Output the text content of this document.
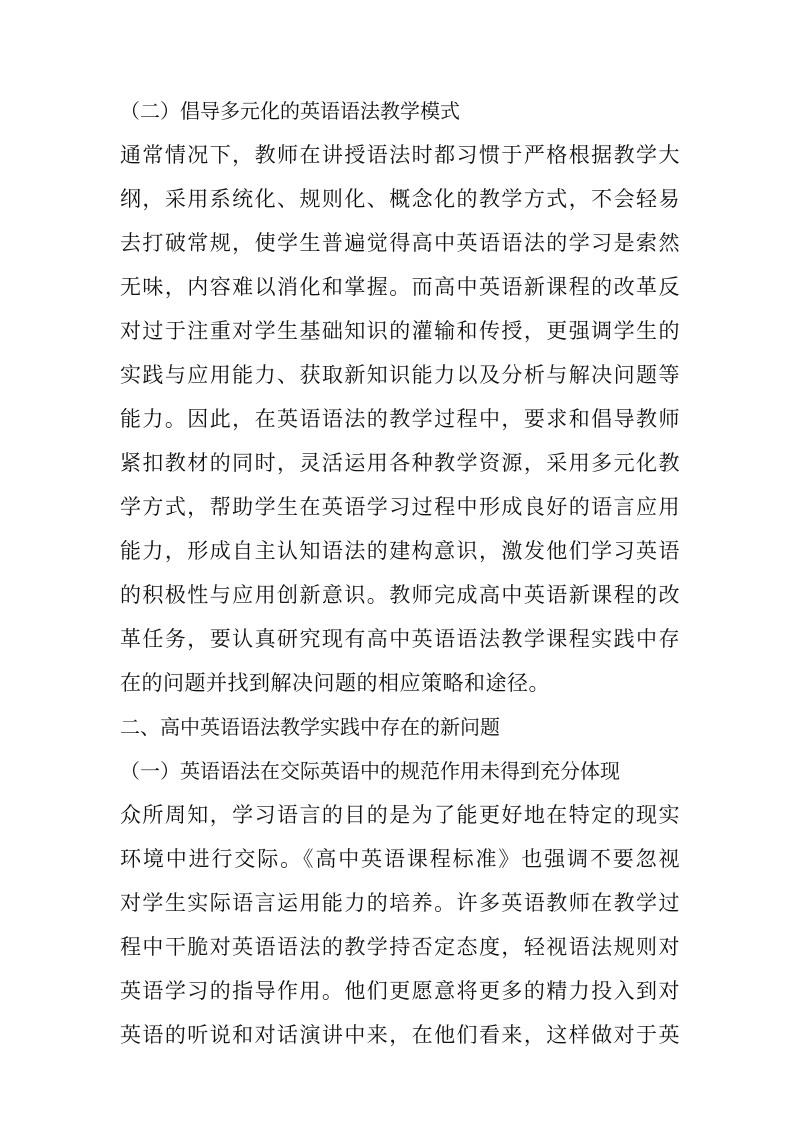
（二）倡导多元化的英语语法教学模式
通常情况下，教师在讲授语法时都习惯于严格根据教学大
纲，采用系统化、规则化、概念化的教学方式，不会轻易
去打破常规，使学生普遍觉得高中英语语法的学习是索然
无味，内容难以消化和掌握。而高中英语新课程的改革反
对过于注重对学生基础知识的灌输和传授，更强调学生的
实践与应用能力、获取新知识能力以及分析与解决问题等
能力。因此，在英语语法的教学过程中，要求和倡导教师
紧扣教材的同时，灵活运用各种教学资源，采用多元化教
学方式，帮助学生在英语学习过程中形成良好的语言应用
能力，形成自主认知语法的建构意识，激发他们学习英语
的积极性与应用创新意识。教师完成高中英语新课程的改
革任务，要认真研究现有高中英语语法教学课程实践中存
在的问题并找到解决问题的相应策略和途径。
二、高中英语语法教学实践中存在的新问题
（一）英语语法在交际英语中的规范作用未得到充分体现
众所周知，学习语言的目的是为了能更好地在特定的现实
环境中进行交际。《高中英语课程标准》也强调不要忽视
对学生实际语言运用能力的培养。许多英语教师在教学过
程中干脆对英语语法的教学持否定态度，轻视语法规则对
英语学习的指导作用。他们更愿意将更多的精力投入到对
英语的听说和对话演讲中来，在他们看来，这样做对于英
